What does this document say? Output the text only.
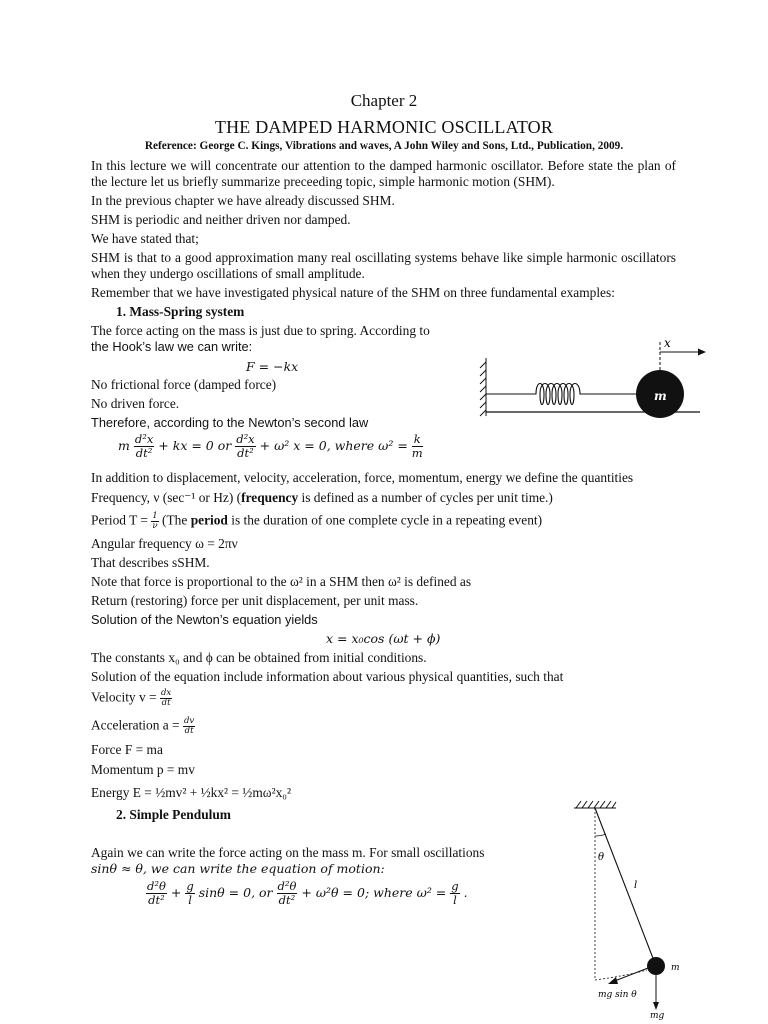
Chapter 2
THE DAMPED HARMONIC OSCILLATOR
Reference: George C. Kings, Vibrations and waves, A John Wiley and Sons, Ltd., Publication, 2009.
In this lecture we will concentrate our attention to the damped harmonic oscillator. Before state the plan of the lecture let us briefly summarize preceeding topic, simple harmonic motion (SHM).
In the previous chapter we have already discussed SHM.
SHM is periodic and neither driven nor damped.
We have stated that;
SHM is that to a good approximation many real oscillating systems behave like simple harmonic oscillators when they undergo oscillations of small amplitude.
Remember that we have investigated physical nature of the SHM on three fundamental examples:
1. Mass-Spring system
The force acting on the mass is just due to spring. According to
the Hook’s law we can write:
F = −kx
No frictional force (damped force)
No driven force.
Therefore, according to the Newton’s second law
m $\frac{\text{d²x}}{\text{dt²}}$ + kx = 0 or $\frac{\text{d²x}}{\text{dt²}} + \omega^2$ x = 0, where $\omega^2 = \frac{k}{m}$
In addition to displacement, velocity, acceleration, force, momentum, energy we define the quantities
Frequency, ν (sec⁻¹ or Hz) (frequency is defined as a number of cycles per unit time.)
Period $T = \frac{1}{\nu} (The$ period is the duration of one complete cycle in a repeating event)
Angular frequency ω = 2πν
That describes sSHM.
Note that force is proportional to the ω² in a SHM then ω² is defined as
Return (restoring) force per unit displacement, per unit mass.
Solution of the Newton’s equation yields
x = x₀cos (ωt + ϕ)
The constants x₀ and ϕ can be obtained from initial conditions.
Solution of the equation include information about various physical quantities, such that
Velocity $v = \frac{dx}{dt}$
Acceleration $a = \frac{dv}{dt}$
Force F = ma
Momentum p = mv
Energy E = ½mv² + ½kx² = ½mω²x₀²
2. Simple Pendulum
Again we can write the force acting on the mass m. For small oscillations
sinθ ≈ θ, we can write the equation of motion:
$\frac{\text{d²θ}}{\text{dt²}} + \frac{g}{l}$ sinθ = 0, or $\frac{\text{d²θ}}{\text{dt²}} + \omega^2\theta = 0$; where $\omega^2 = \frac{g}{l}$ .
m
x
θ
l
m
mg sin θ
mg
